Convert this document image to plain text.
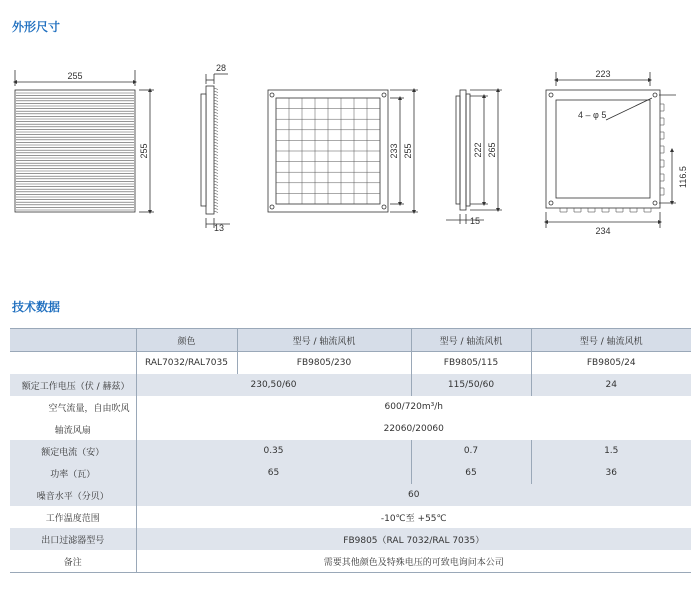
外形尺寸
255
255
28
13
233 255	222 265
15
223
4 – φ 5
116.5
234
技术数据
	颜色	型号 / 轴流风机	型号 / 轴流风机	型号 / 轴流风机
	RAL7032/RAL7035	FB9805/230	FB9805/115	FB9805/24
额定工作电压（伏 / 赫兹）	230,50/60		115/50/60	24
空气流量，自由吹风	600/720m³/h			
轴流风扇	22060/20060			
额定电流（安）	0.35		0.7	1.5
功率（瓦）	65		65	36
噪音水平（分贝）	60			
工作温度范围	-10℃至 +55℃			
出口过滤器型号	FB9805（RAL 7032/RAL 7035）			
备注	需要其他颜色及特殊电压的可致电询问本公司			
